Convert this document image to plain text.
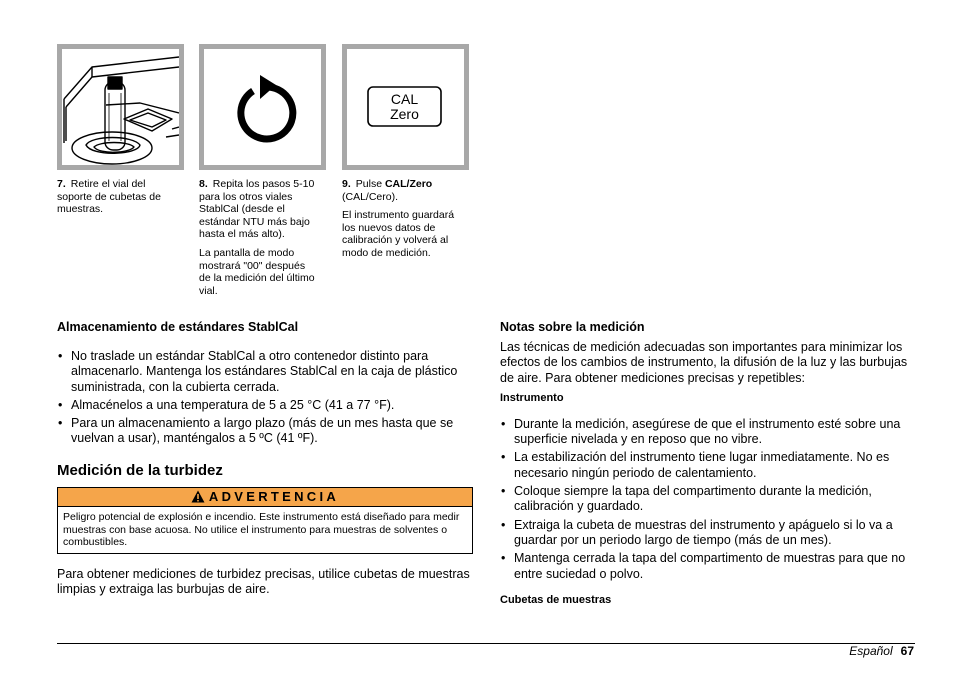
CAL
Zero

7. Retire el vial del soporte de cubetas de muestras.

8. Repita los pasos 5-10 para los otros viales StablCal (desde el estándar NTU más bajo hasta el más alto).

La pantalla de modo mostrará "00" después de la medición del último vial.

9. Pulse CAL/Zero (CAL/Cero).

El instrumento guardará los nuevos datos de calibración y volverá al modo de medición.

Almacenamiento de estándares StablCal
• No traslade un estándar StablCal a otro contenedor distinto para almacenarlo. Mantenga los estándares StablCal en la caja de plástico suministrada, con la cubierta cerrada.
• Almacénelos a una temperatura de 5 a 25 °C (41 a 77 °F).
• Para un almacenamiento a largo plazo (más de un mes hasta que se vuelvan a usar), manténgalos a 5 ºC (41 ºF).
Medición de la turbidez
ADVERTENCIA
Peligro potencial de explosión e incendio. Este instrumento está diseñado para medir muestras con base acuosa. No utilice el instrumento para muestras de solventes o combustibles.

Para obtener mediciones de turbidez precisas, utilice cubetas de muestras limpias y extraiga las burbujas de aire.

Notas sobre la medición

Las técnicas de medición adecuadas son importantes para minimizar los efectos de los cambios de instrumento, la difusión de la luz y las burbujas de aire. Para obtener mediciones precisas y repetibles:

Instrumento
• Durante la medición, asegúrese de que el instrumento esté sobre una superficie nivelada y en reposo que no vibre.
• La estabilización del instrumento tiene lugar inmediatamente. No es necesario ningún periodo de calentamiento.
• Coloque siempre la tapa del compartimento durante la medición, calibración y guardado.
• Extraiga la cubeta de muestras del instrumento y apáguelo si lo va a guardar por un periodo largo de tiempo (más de un mes).
• Mantenga cerrada la tapa del compartimento de muestras para que no entre suciedad o polvo.
Cubetas de muestras
Español 67
